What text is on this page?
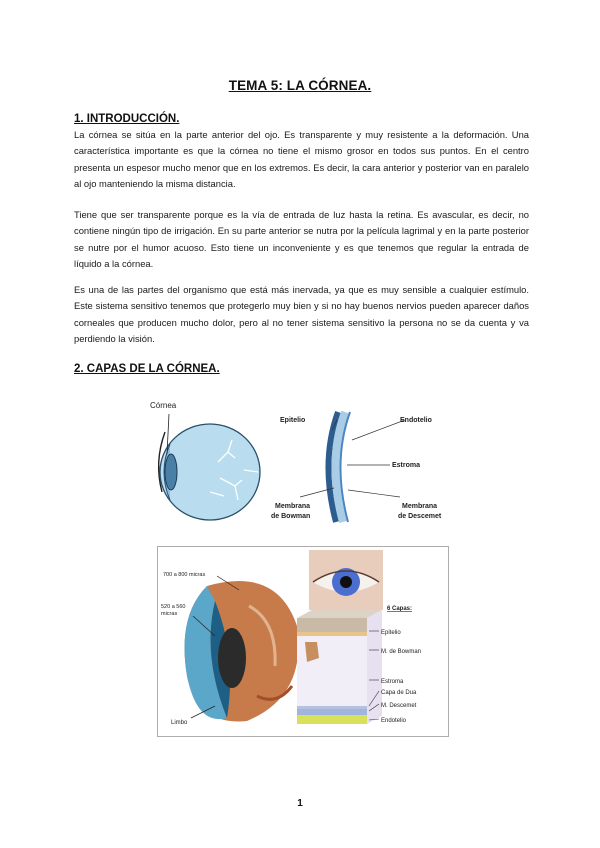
TEMA 5: LA CÓRNEA.
1. INTRODUCCIÓN.
La córnea se sitúa en la parte anterior del ojo. Es transparente y muy resistente a la deformación. Una característica importante es que la córnea no tiene el mismo grosor en todos sus puntos. En el centro presenta un espesor mucho menor que en los extremos. Es decir, la cara anterior y posterior van en paralelo al ojo manteniendo la misma distancia.
Tiene que ser transparente porque es la vía de entrada de luz hasta la retina. Es avascular, es decir, no contiene ningún tipo de irrigación. En su parte anterior se nutra por la película lagrimal y en la parte posterior se nutre por el humor acuoso. Esto tiene un inconveniente y es que tenemos que regular la entrada de líquido a la córnea.
Es una de las partes del organismo que está más inervada, ya que es muy sensible a cualquier estímulo. Este sistema sensitivo tenemos que protegerlo muy bien y si no hay buenos nervios pueden aparecer daños corneales que producen mucho dolor, pero al no tener sistema sensitivo la persona no se da cuenta y va perdiendo la visión.
2. CAPAS DE LA CÓRNEA.
Córnea
Epitelio	Endotelio
Estroma
Membrana
de Bowman
Membrana
de Descemet
700 a 800 micras
520 a 560
micras
Limbo
6 Capas:
Epitelio
M. de Bowman
Estroma
Capa de Dua
M. Descemet
Endotelio
1
